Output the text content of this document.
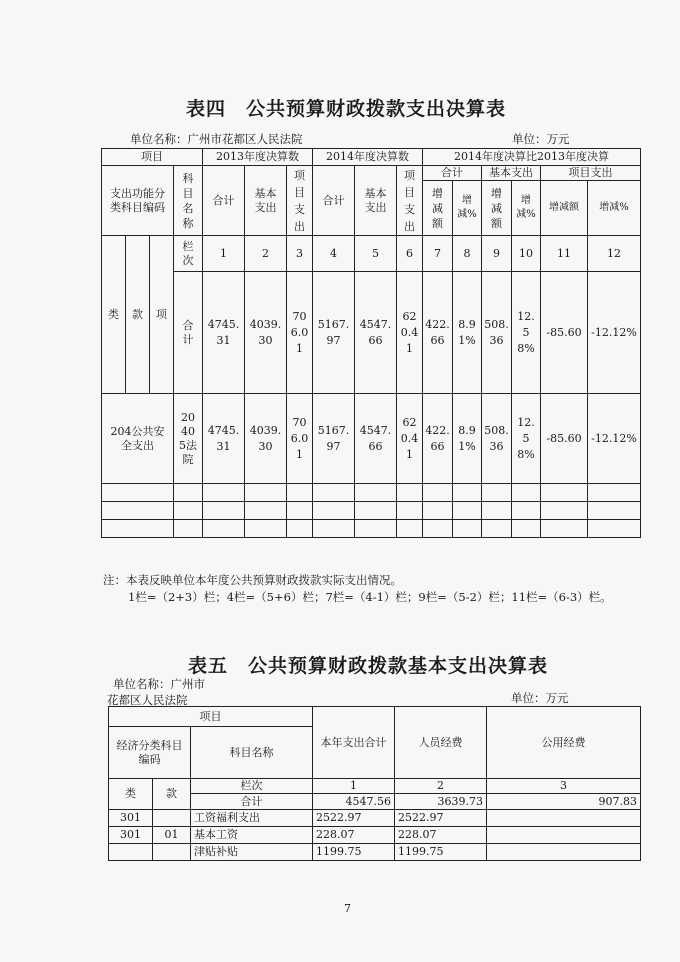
表四　公共预算财政拨款支出决算表
单位名称：广州市花都区人民法院	单位：万元
项目				2013年度决算数			2014年度决算数			2014年度决算比2013年度决算					

支出功能分类科目编码			科目名称	合计	基本支出	项目支出	合计	基本支出	项目支出	合计		基本支出		项目支出	

										增减额	增减%	增减额	增减%	增减额	增减%
类	款	项	栏次	1	2	3	4	5	6	7	8	9	10	11	12

			合计	4745.31	4039.30	706.01	5167.97	4547.66	620.41	422.66	8.91%	508.36	12.58%	-85.60	-12.12%

204公共安全支出			20405法院	4745.31	4039.30	706.01	5167.97	4547.66	620.41	422.66	8.91%	508.36	12.58%	-85.60	-12.12%

注：本表反映单位本年度公共预算财政拨款实际支出情况。
1栏=（2+3）栏；4栏=（5+6）栏；7栏=（4-1）栏；9栏=（5-2）栏；11栏=（6-3）栏。
表五　公共预算财政拨款基本支出决算表
单位名称：广州市
花都区人民法院	单位：万元
项目			本年支出合计	人员经费	公用经费

经济分类科目编码		科目名称			
类	款	栏次	1	2	3
		合计	4547.56	3639.73	907.83
301		工资福利支出	2522.97	2522.97	
301	01	基本工资	228.07	228.07	
		津贴补贴	1199.75	1199.75	
7
